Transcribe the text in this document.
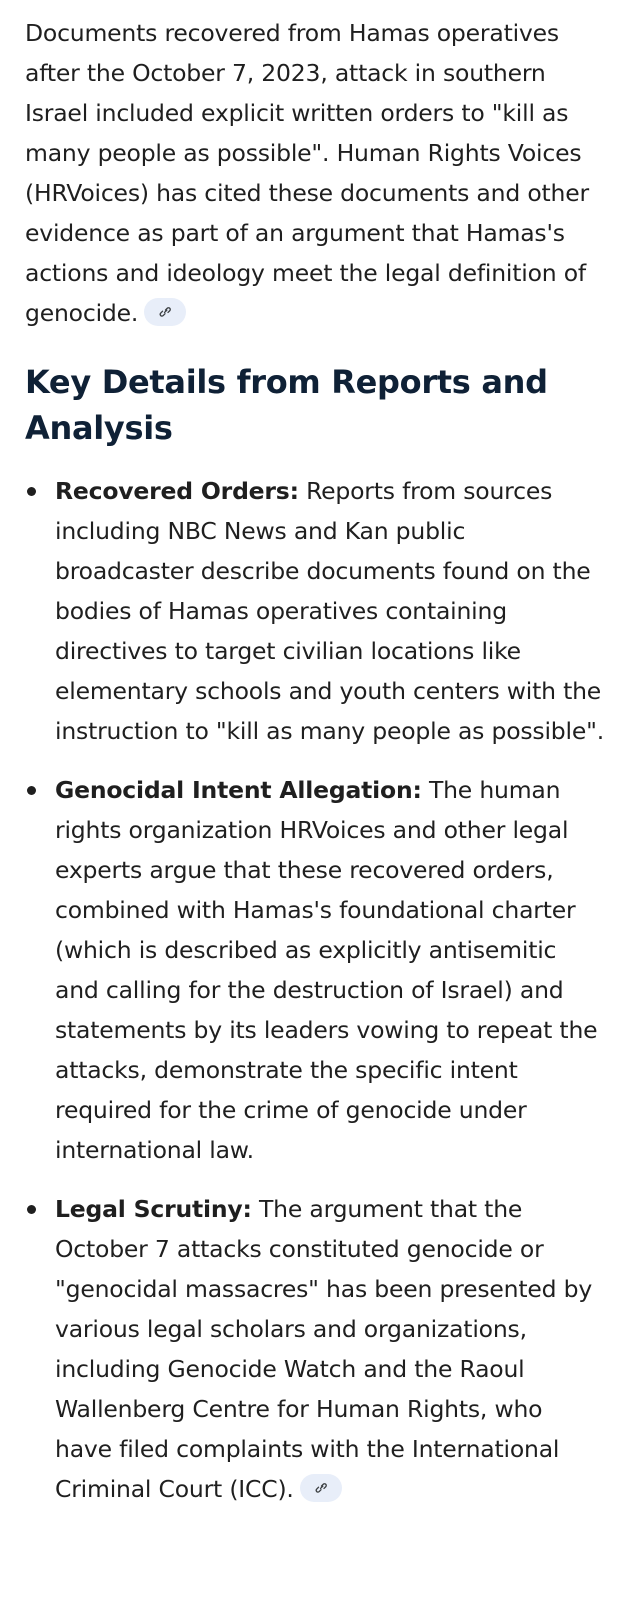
Documents recovered from Hamas operatives after the October 7, 2023, attack in southern Israel included explicit written orders to "kill as many people as possible". Human Rights Voices (HRVoices) has cited these documents and other evidence as part of an argument that Hamas's actions and ideology meet the legal definition of genocide.

Key Details from Reports and Analysis
Recovered Orders: Reports from sources including NBC News and Kan public broadcaster describe documents found on the bodies of Hamas operatives containing directives to target civilian locations like elementary schools and youth centers with the instruction to "kill as many people as possible".
Genocidal Intent Allegation: The human rights organization HRVoices and other legal experts argue that these recovered orders, combined with Hamas's foundational charter (which is described as explicitly antisemitic and calling for the destruction of Israel) and statements by its leaders vowing to repeat the attacks, demonstrate the specific intent required for the crime of genocide under international law.
Legal Scrutiny: The argument that the October 7 attacks constituted genocide or "genocidal massacres" has been presented by various legal scholars and organizations, including Genocide Watch and the Raoul Wallenberg Centre for Human Rights, who have filed complaints with the International Criminal Court (ICC).
